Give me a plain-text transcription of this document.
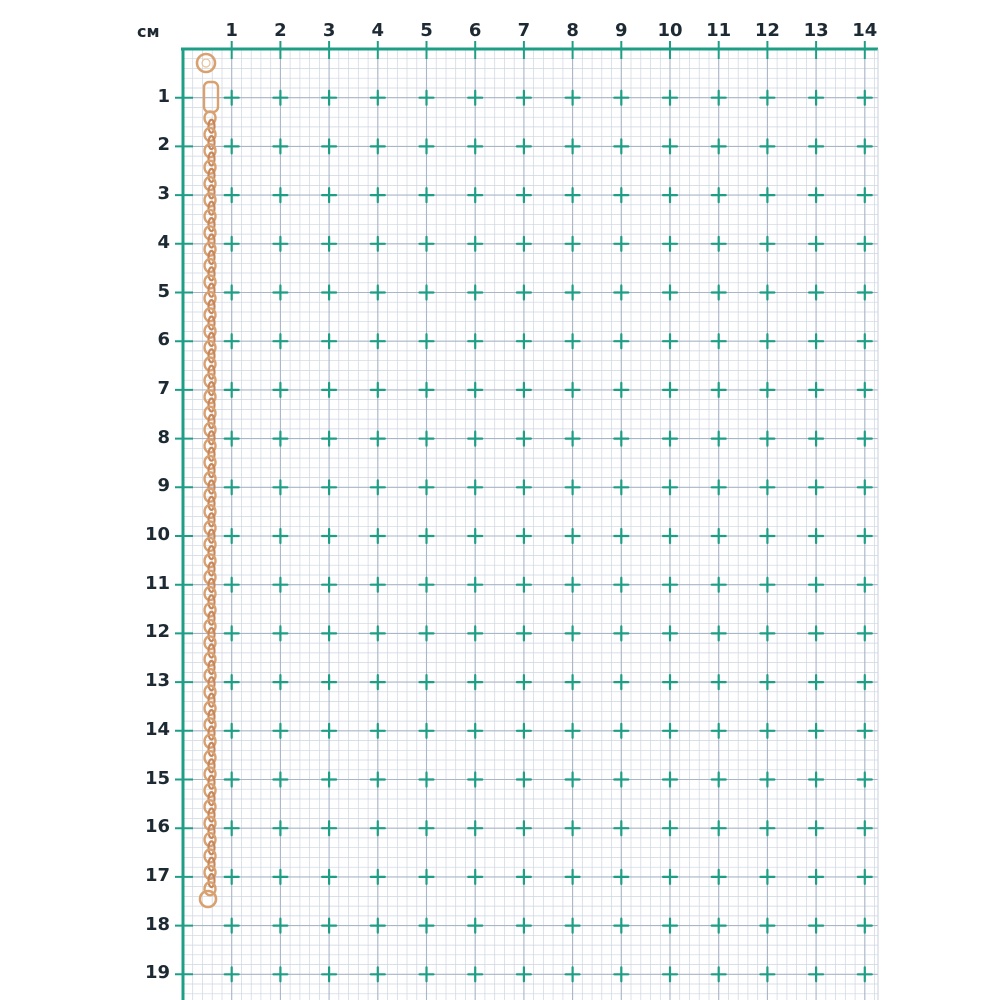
см	1	2	3	4	5	6	7	8	9	10	11	12	13	14
1
2
3
4
5
6
7
8
9
10
11
12
13
14
15
16
17
18
19
